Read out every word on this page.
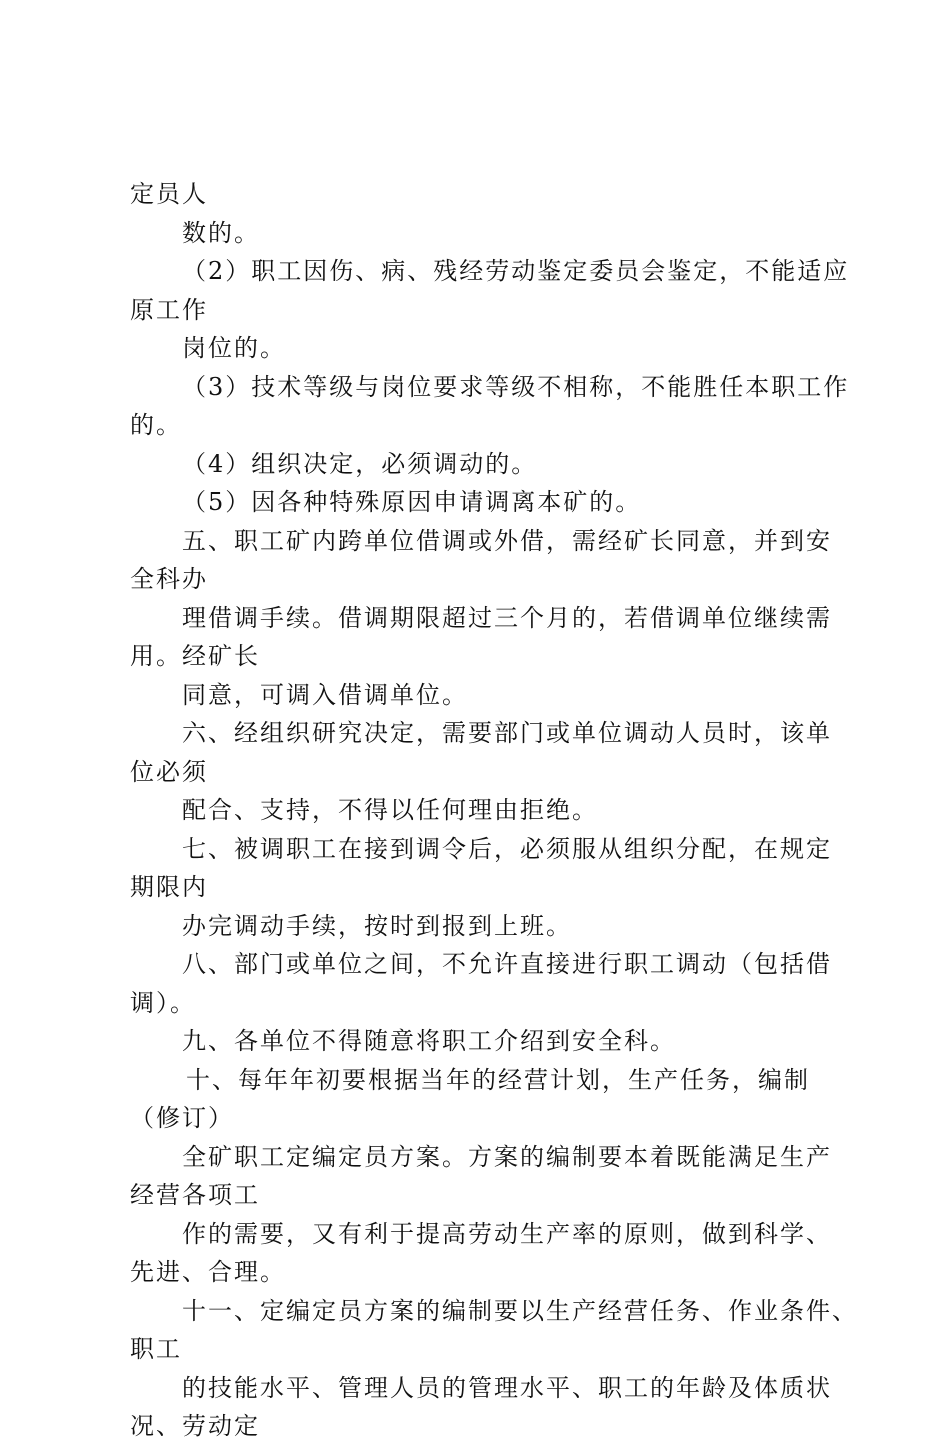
定员人
数的。
（2）职工因伤、病、残经劳动鉴定委员会鉴定，不能适应
原工作
岗位的。
（3）技术等级与岗位要求等级不相称，不能胜任本职工作
的。
（4）组织决定，必须调动的。
（5）因各种特殊原因申请调离本矿的。
五、职工矿内跨单位借调或外借，需经矿长同意，并到安
全科办
理借调手续。借调期限超过三个月的，若借调单位继续需
用。经矿长
同意，可调入借调单位。
六、经组织研究决定，需要部门或单位调动人员时，该单
位必须
配合、支持，不得以任何理由拒绝。
七、被调职工在接到调令后，必须服从组织分配，在规定
期限内
办完调动手续，按时到报到上班。
八、部门或单位之间，不允许直接进行职工调动（包括借
调）。
九、各单位不得随意将职工介绍到安全科。
十、每年年初要根据当年的经营计划，生产任务，编制
（修订）
全矿职工定编定员方案。方案的编制要本着既能满足生产
经营各项工
作的需要，又有利于提高劳动生产率的原则，做到科学、
先进、合理。
十一、定编定员方案的编制要以生产经营任务、作业条件、
职工
的技能水平、管理人员的管理水平、职工的年龄及体质状
况、劳动定
